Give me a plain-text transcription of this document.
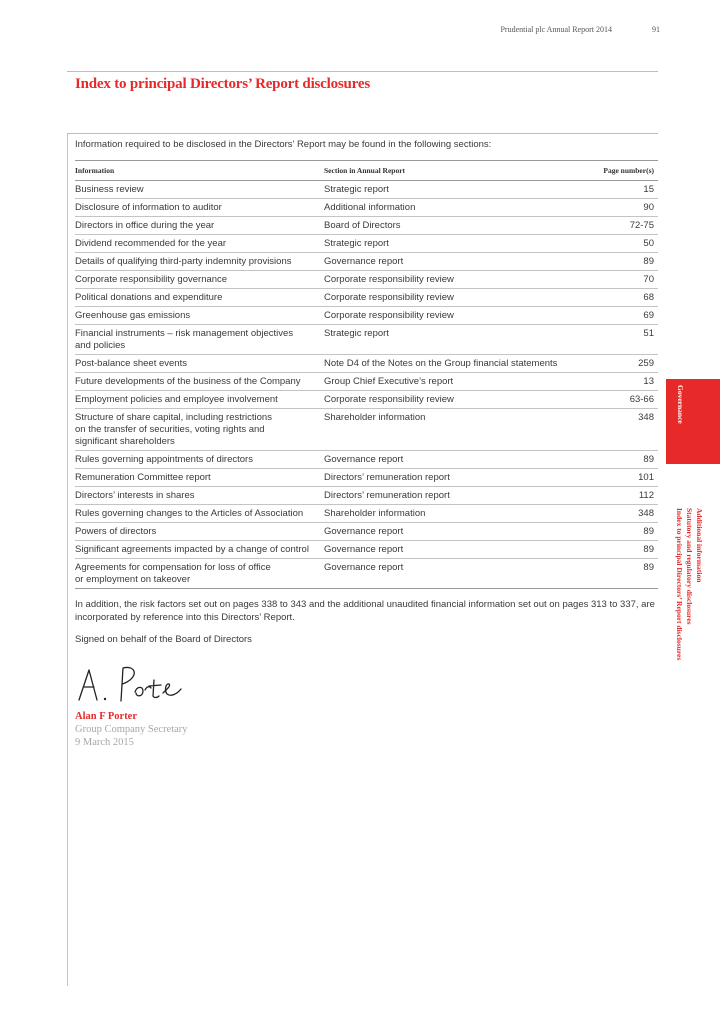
Prudential plc Annual Report 2014	91
Index to principal Directors’ Report disclosures

Information required to be disclosed in the Directors’ Report may be found in the following sections:

Information	Section in Annual Report	Page number(s)
Business review	Strategic report	15
Disclosure of information to auditor	Additional information	90
Directors in office during the year	Board of Directors	72-75
Dividend recommended for the year	Strategic report	50
Details of qualifying third-party indemnity provisions	Governance report	89
Corporate responsibility governance	Corporate responsibility review	70
Political donations and expenditure	Corporate responsibility review	68
Greenhouse gas emissions	Corporate responsibility review	69
Financial instruments – risk management objectives
and policies	Strategic report	51
Post-balance sheet events	Note D4 of the Notes on the Group financial statements	259
Future developments of the business of the Company	Group Chief Executive’s report	13
Employment policies and employee involvement	Corporate responsibility review	63-66
Structure of share capital, including restrictions
on the transfer of securities, voting rights and
significant shareholders	Shareholder information	348
Rules governing appointments of directors	Governance report	89
Remuneration Committee report	Directors’ remuneration report	101
Directors’ interests in shares	Directors’ remuneration report	112
Rules governing changes to the Articles of Association	Shareholder information	348
Powers of directors	Governance report	89
Significant agreements impacted by a change of control	Governance report	89
Agreements for compensation for loss of office
or employment on takeover	Governance report	89

In addition, the risk factors set out on pages 338 to 343 and the additional unaudited financial information set out on pages 313 to 337, are incorporated by reference into this Directors’ Report.

Signed on behalf of the Board of Directors

Alan F Porter
Group Company Secretary
9 March 2015
Governance
Additional information
Statutory and regulatory disclosures
Index to principal Directors’ Report disclosures
